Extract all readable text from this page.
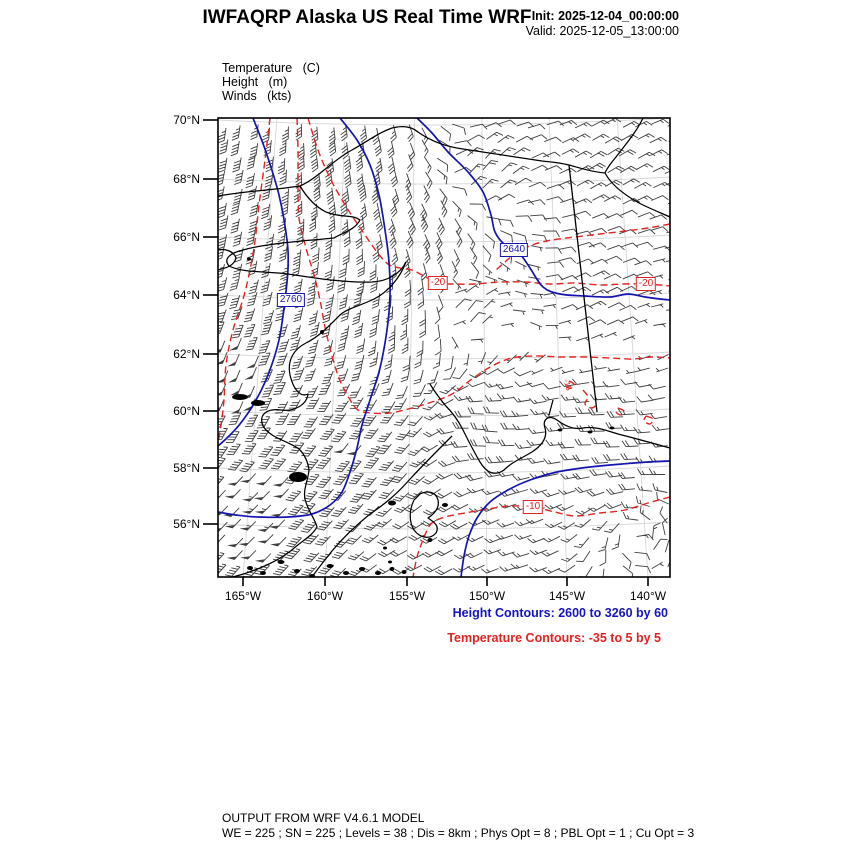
IWFAQRP Alaska US Real Time WRF Init: 2025-12-04_00:00:00
Valid: 2025-12-05_13:00:00
Temperature   (C)
Height   (m)
Winds   (kts)
Height Contours: 2600 to 3260 by 60
Temperature Contours: -35 to 5 by 5
OUTPUT FROM WRF V4.6.1 MODEL
WE = 225 ; SN = 225 ; Levels = 38 ; Dis = 8km ; Phys Opt = 8 ; PBL Opt = 1 ; Cu Opt = 3
70°N
68°N
66°N
64°N
62°N
60°N
58°N
56°N
165°W	160°W	155°W	150°W	145°W	140°W
2640
2760
-20	-20
-10
-15
